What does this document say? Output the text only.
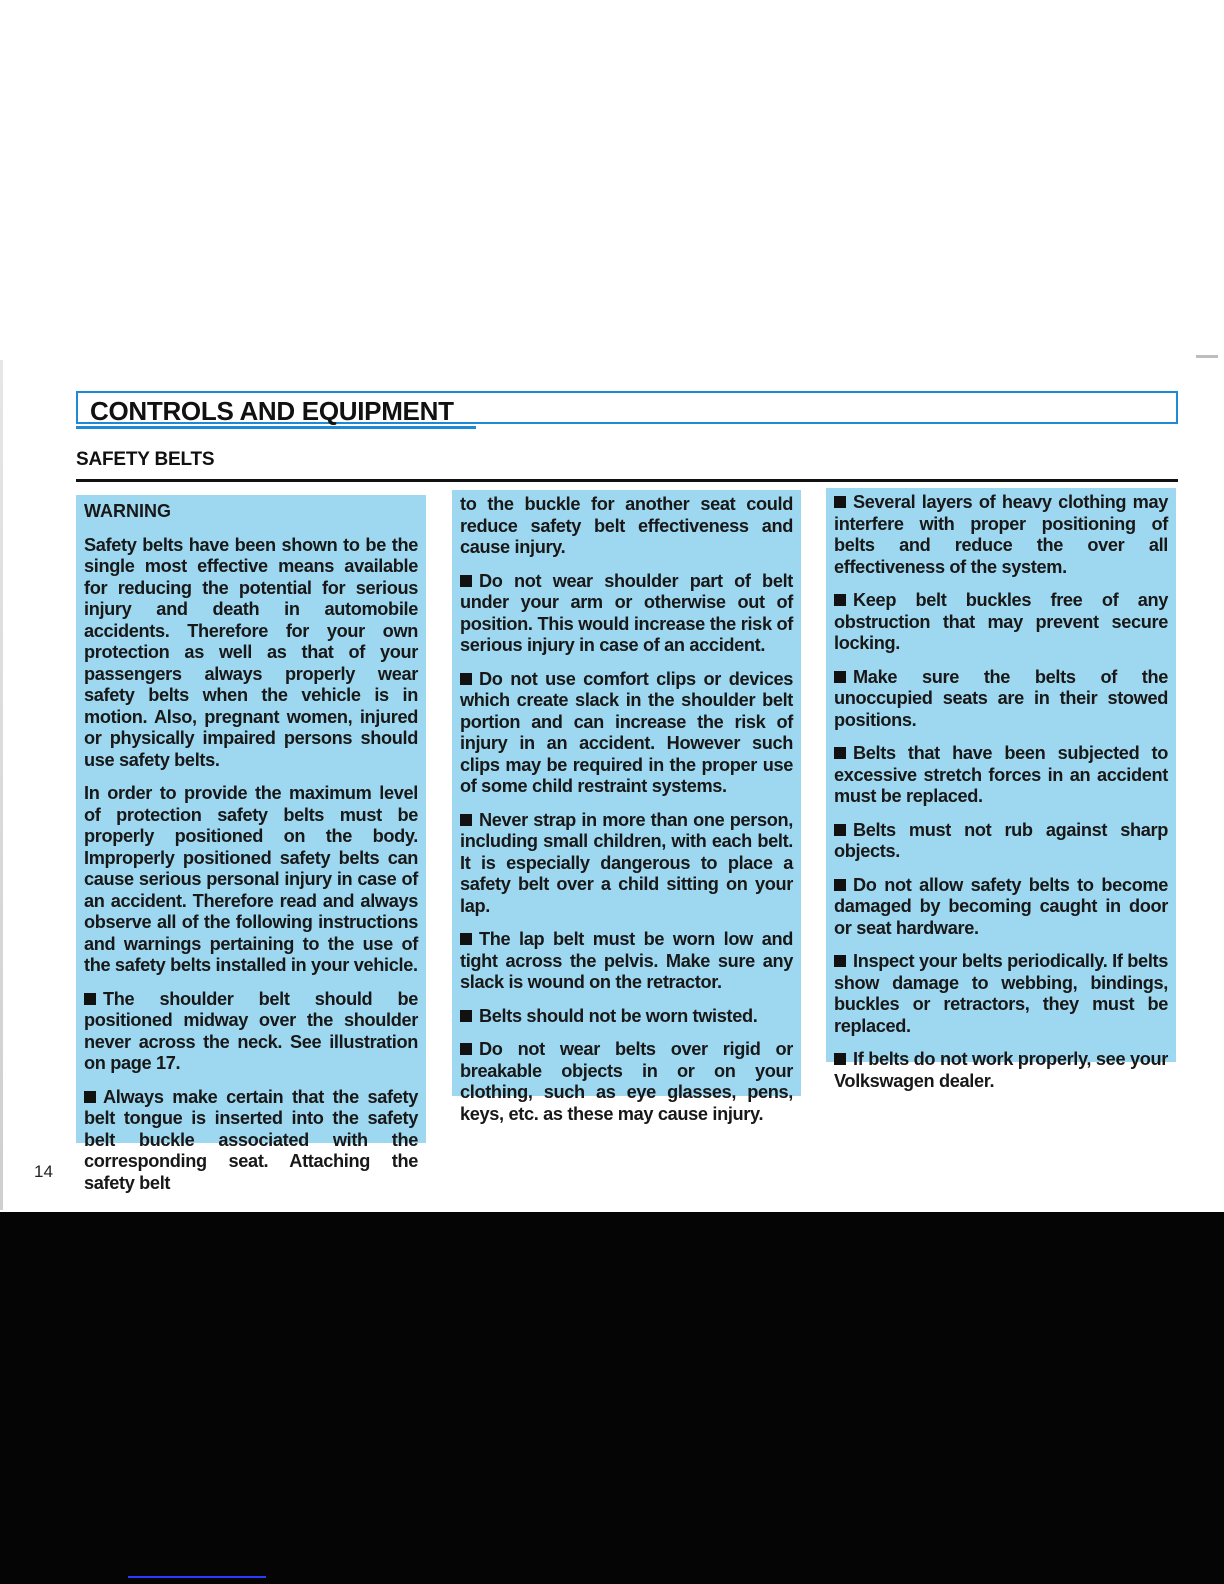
CONTROLS AND EQUIPMENT
SAFETY BELTS

WARNING

Safety belts have been shown to be the single most effective means available for reducing the potential for serious injury and death in automobile accidents. Therefore for your own protection as well as that of your passengers always properly wear safety belts when the vehicle is in motion. Also, pregnant women, injured or physically impaired persons should use safety belts.

In order to provide the maximum level of protection safety belts must be properly positioned on the body. Improperly positioned safety belts can cause serious personal injury in case of an accident. Therefore read and always observe all of the following instructions and warnings pertaining to the use of the safety belts installed in your vehicle.

The shoulder belt should be positioned midway over the shoulder never across the neck. See illustration on page 17.

Always make certain that the safety belt tongue is inserted into the safety belt buckle associated with the corresponding seat. Attaching the safety belt

to the buckle for another seat could reduce safety belt effectiveness and cause injury.

Do not wear shoulder part of belt under your arm or otherwise out of position. This would increase the risk of serious injury in case of an accident.

Do not use comfort clips or devices which create slack in the shoulder belt portion and can increase the risk of injury in an accident. However such clips may be required in the proper use of some child restraint systems.

Never strap in more than one person, including small children, with each belt. It is especially dangerous to place a safety belt over a child sitting on your lap.

The lap belt must be worn low and tight across the pelvis. Make sure any slack is wound on the retractor.

Belts should not be worn twisted.

Do not wear belts over rigid or breakable objects in or on your clothing, such as eye glasses, pens, keys, etc. as these may cause injury.

Several layers of heavy clothing may interfere with proper positioning of belts and reduce the over all effectiveness of the system.

Keep belt buckles free of any obstruction that may prevent secure locking.

Make sure the belts of the unoccupied seats are in their stowed positions.

Belts that have been subjected to excessive stretch forces in an accident must be replaced.

Belts must not rub against sharp objects.

Do not allow safety belts to become damaged by becoming caught in door or seat hardware.

Inspect your belts periodically. If belts show damage to webbing, bindings, buckles or retractors, they must be replaced.

If belts do not work properly, see your Volkswagen dealer.

14
